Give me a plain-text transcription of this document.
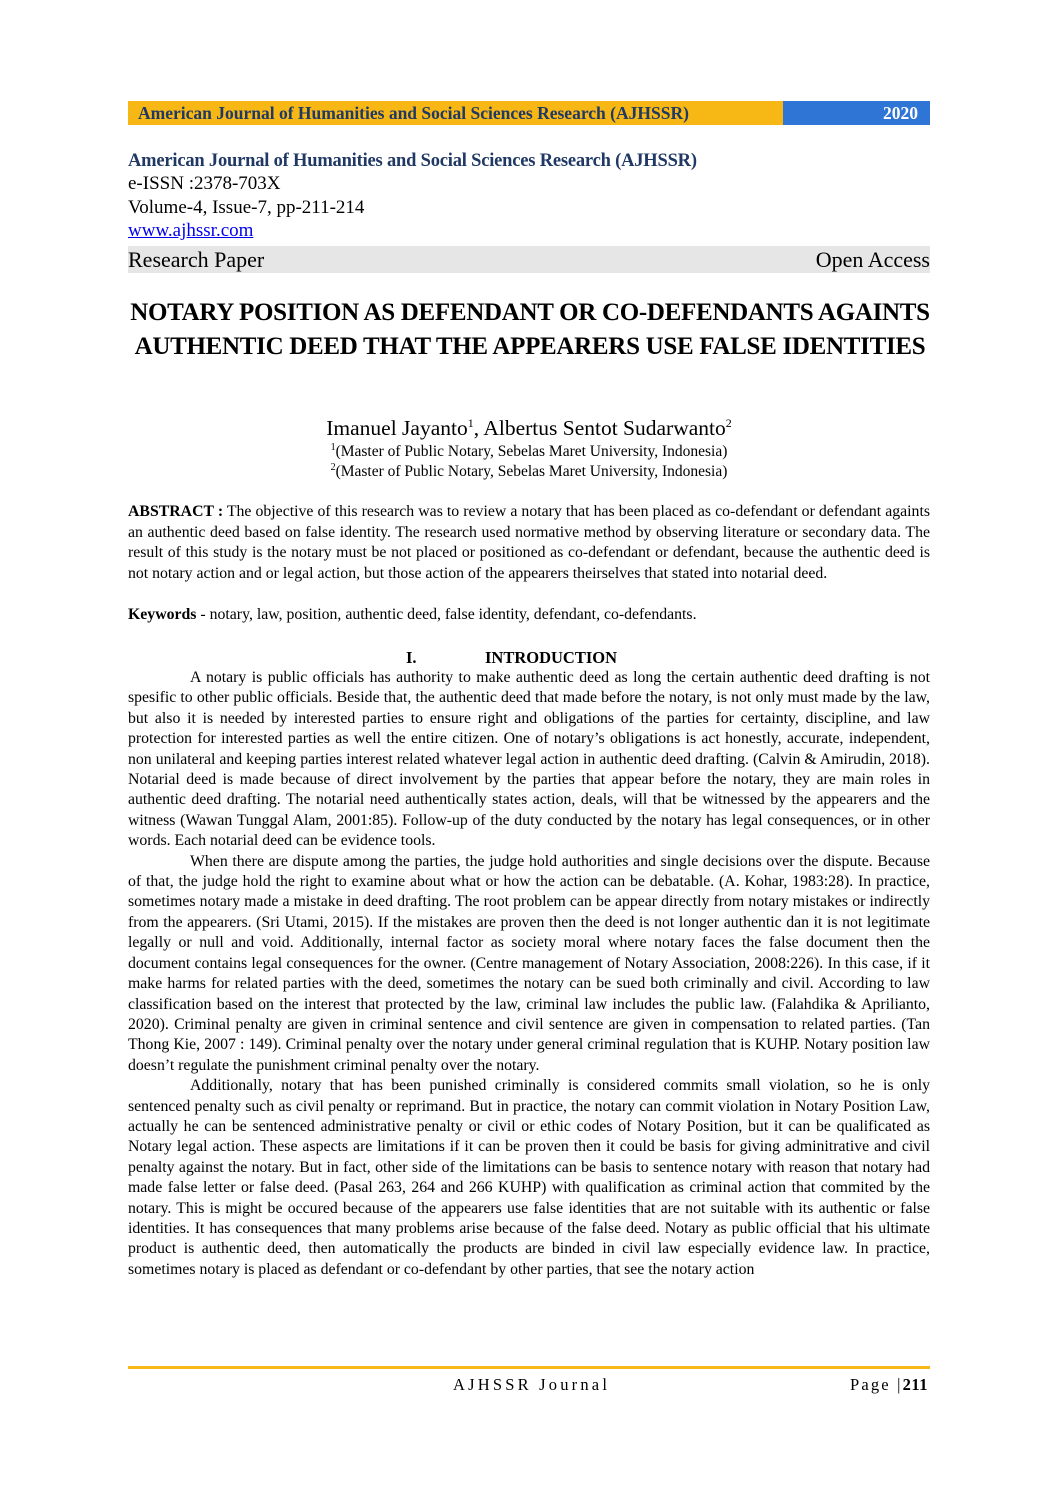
American Journal of Humanities and Social Sciences Research (AJHSSR)	2020
American Journal of Humanities and Social Sciences Research (AJHSSR)
e-ISSN :2378-703X
Volume-4, Issue-7, pp-211-214
www.ajhssr.com
Research Paper	Open Access
NOTARY POSITION AS DEFENDANT OR CO-DEFENDANTS AGAINTS AUTHENTIC DEED THAT THE APPEARERS USE FALSE IDENTITIES
Imanuel Jayanto$^1$, Albertus Sentot Sudarwanto$^2$
$^1$(Master of Public Notary, Sebelas Maret University, Indonesia)
$^2$(Master of Public Notary, Sebelas Maret University, Indonesia)
ABSTRACT : The objective of this research was to review a notary that has been placed as co-defendant or defendant againts an authentic deed based on false identity. The research used normative method by observing literature or secondary data. The result of this study is the notary must be not placed or positioned as co-defendant or defendant, because the authentic deed is not notary action and or legal action, but those action of the appearers theirselves that stated into notarial deed.
Keywords - notary, law, position, authentic deed, false identity, defendant, co-defendants.
I.	INTRODUCTION

A notary is public officials has authority to make authentic deed as long the certain authentic deed drafting is not spesific to other public officials. Beside that, the authentic deed that made before the notary, is not only must made by the law, but also it is needed by interested parties to ensure right and obligations of the parties for certainty, discipline, and law protection for interested parties as well the entire citizen. One of notary’s obligations is act honestly, accurate, independent, non unilateral and keeping parties interest related whatever legal action in authentic deed drafting. (Calvin & Amirudin, 2018). Notarial deed is made because of direct involvement by the parties that appear before the notary, they are main roles in authentic deed drafting. The notarial need authentically states action, deals, will that be witnessed by the appearers and the witness (Wawan Tunggal Alam, 2001:85). Follow-up of the duty conducted by the notary has legal consequences, or in other words. Each notarial deed can be evidence tools.

When there are dispute among the parties, the judge hold authorities and single decisions over the dispute. Because of that, the judge hold the right to examine about what or how the action can be debatable. (A. Kohar, 1983:28). In practice, sometimes notary made a mistake in deed drafting. The root problem can be appear directly from notary mistakes or indirectly from the appearers. (Sri Utami, 2015). If the mistakes are proven then the deed is not longer authentic dan it is not legitimate legally or null and void. Additionally, internal factor as society moral where notary faces the false document then the document contains legal consequences for the owner. (Centre management of Notary Association, 2008:226). In this case, if it make harms for related parties with the deed, sometimes the notary can be sued both criminally and civil. According to law classification based on the interest that protected by the law, criminal law includes the public law. (Falahdika & Aprilianto, 2020). Criminal penalty are given in criminal sentence and civil sentence are given in compensation to related parties. (Tan Thong Kie, 2007 : 149). Criminal penalty over the notary under general criminal regulation that is KUHP. Notary position law doesn’t regulate the punishment criminal penalty over the notary.

Additionally, notary that has been punished criminally is considered commits small violation, so he is only sentenced penalty such as civil penalty or reprimand. But in practice, the notary can commit violation in Notary Position Law, actually he can be sentenced administrative penalty or civil or ethic codes of Notary Position, but it can be qualificated as Notary legal action. These aspects are limitations if it can be proven then it could be basis for giving adminitrative and civil penalty against the notary. But in fact, other side of the limitations can be basis to sentence notary with reason that notary had made false letter or false deed. (Pasal 263, 264 and 266 KUHP) with qualification as criminal action that commited by the notary. This is might be occured because of the appearers use false identities that are not suitable with its authentic or false identities. It has consequences that many problems arise because of the false deed. Notary as public official that his ultimate product is authentic deed, then automatically the products are binded in civil law especially evidence law. In practice, sometimes notary is placed as defendant or co-defendant by other parties, that see the notary action

AJHSSR Journal	Page |211
